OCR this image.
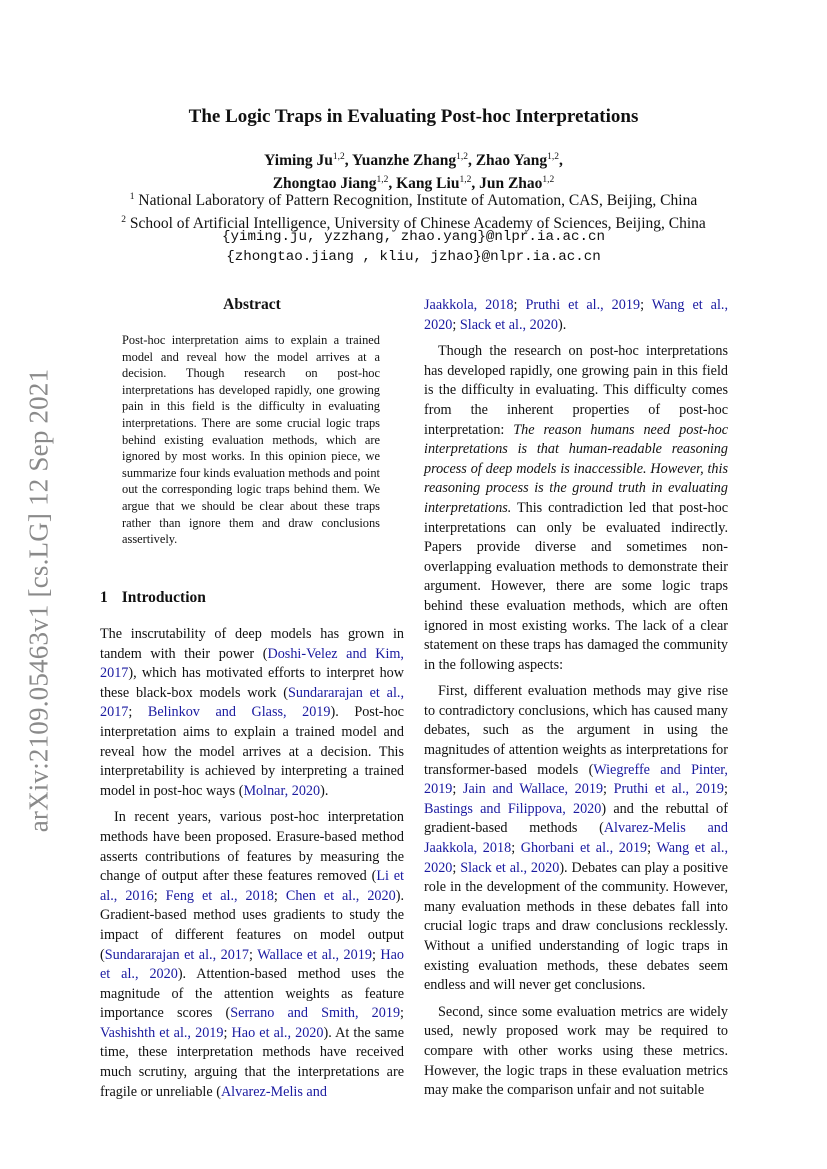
arXiv:2109.05463v1 [cs.LG] 12 Sep 2021
The Logic Traps in Evaluating Post-hoc Interpretations
Yiming Ju$^{1,2}$, Yuanzhe Zhang$^{1,2}$, Zhao Yang$^{1,2}$,
Zhongtao Jiang$^{1,2}$, Kang Liu$^{1,2}$, Jun Zhao$^{1,2}$
$^1$ National Laboratory of Pattern Recognition, Institute of Automation, CAS, Beijing, China
$^2$ School of Artificial Intelligence, University of Chinese Academy of Sciences, Beijing, China
{yiming.ju, yzzhang, zhao.yang}@nlpr.ia.ac.cn
{zhongtao.jiang , kliu, jzhao}@nlpr.ia.ac.cn
Abstract
Post-hoc interpretation aims to explain a trained model and reveal how the model arrives at a decision. Though research on post-hoc interpretations has developed rapidly, one growing pain in this field is the difficulty in evaluating interpretations. There are some crucial logic traps behind existing evaluation methods, which are ignored by most works. In this opinion piece, we summarize four kinds evaluation methods and point out the corresponding logic traps behind them. We argue that we should be clear about these traps rather than ignore them and draw conclusions assertively.
1 Introduction

The inscrutability of deep models has grown in tandem with their power (Doshi-Velez and Kim, 2017), which has motivated efforts to interpret how these black-box models work (Sundararajan et al., 2017; Belinkov and Glass, 2019). Post-hoc interpretation aims to explain a trained model and reveal how the model arrives at a decision. This interpretability is achieved by interpreting a trained model in post-hoc ways (Molnar, 2020).

In recent years, various post-hoc interpretation methods have been proposed. Erasure-based method asserts contributions of features by measuring the change of output after these features removed (Li et al., 2016; Feng et al., 2018; Chen et al., 2020). Gradient-based method uses gradients to study the impact of different features on model output (Sundararajan et al., 2017; Wallace et al., 2019; Hao et al., 2020). Attention-based method uses the magnitude of the attention weights as feature importance scores (Serrano and Smith, 2019; Vashishth et al., 2019; Hao et al., 2020). At the same time, these interpretation methods have received much scrutiny, arguing that the interpretations are fragile or unreliable (Alvarez-Melis and

Jaakkola, 2018; Pruthi et al., 2019; Wang et al., 2020; Slack et al., 2020).

Though the research on post-hoc interpretations has developed rapidly, one growing pain in this field is the difficulty in evaluating. This difficulty comes from the inherent properties of post-hoc interpretation: The reason humans need post-hoc interpretations is that human-readable reasoning process of deep models is inaccessible. However, this reasoning process is the ground truth in evaluating interpretations. This contradiction led that post-hoc interpretations can only be evaluated indirectly. Papers provide diverse and sometimes non-overlapping evaluation methods to demonstrate their argument. However, there are some logic traps behind these evaluation methods, which are often ignored in most existing works. The lack of a clear statement on these traps has damaged the community in the following aspects:

First, different evaluation methods may give rise to contradictory conclusions, which has caused many debates, such as the argument in using the magnitudes of attention weights as interpretations for transformer-based models (Wiegreffe and Pinter, 2019; Jain and Wallace, 2019; Pruthi et al., 2019; Bastings and Filippova, 2020) and the rebuttal of gradient-based methods (Alvarez-Melis and Jaakkola, 2018; Ghorbani et al., 2019; Wang et al., 2020; Slack et al., 2020). Debates can play a positive role in the development of the community. However, many evaluation methods in these debates fall into crucial logic traps and draw conclusions recklessly. Without a unified understanding of logic traps in existing evaluation methods, these debates seem endless and will never get conclusions.

Second, since some evaluation metrics are widely used, newly proposed work may be required to compare with other works using these metrics. However, the logic traps in these evaluation metrics may make the comparison unfair and not suitable
